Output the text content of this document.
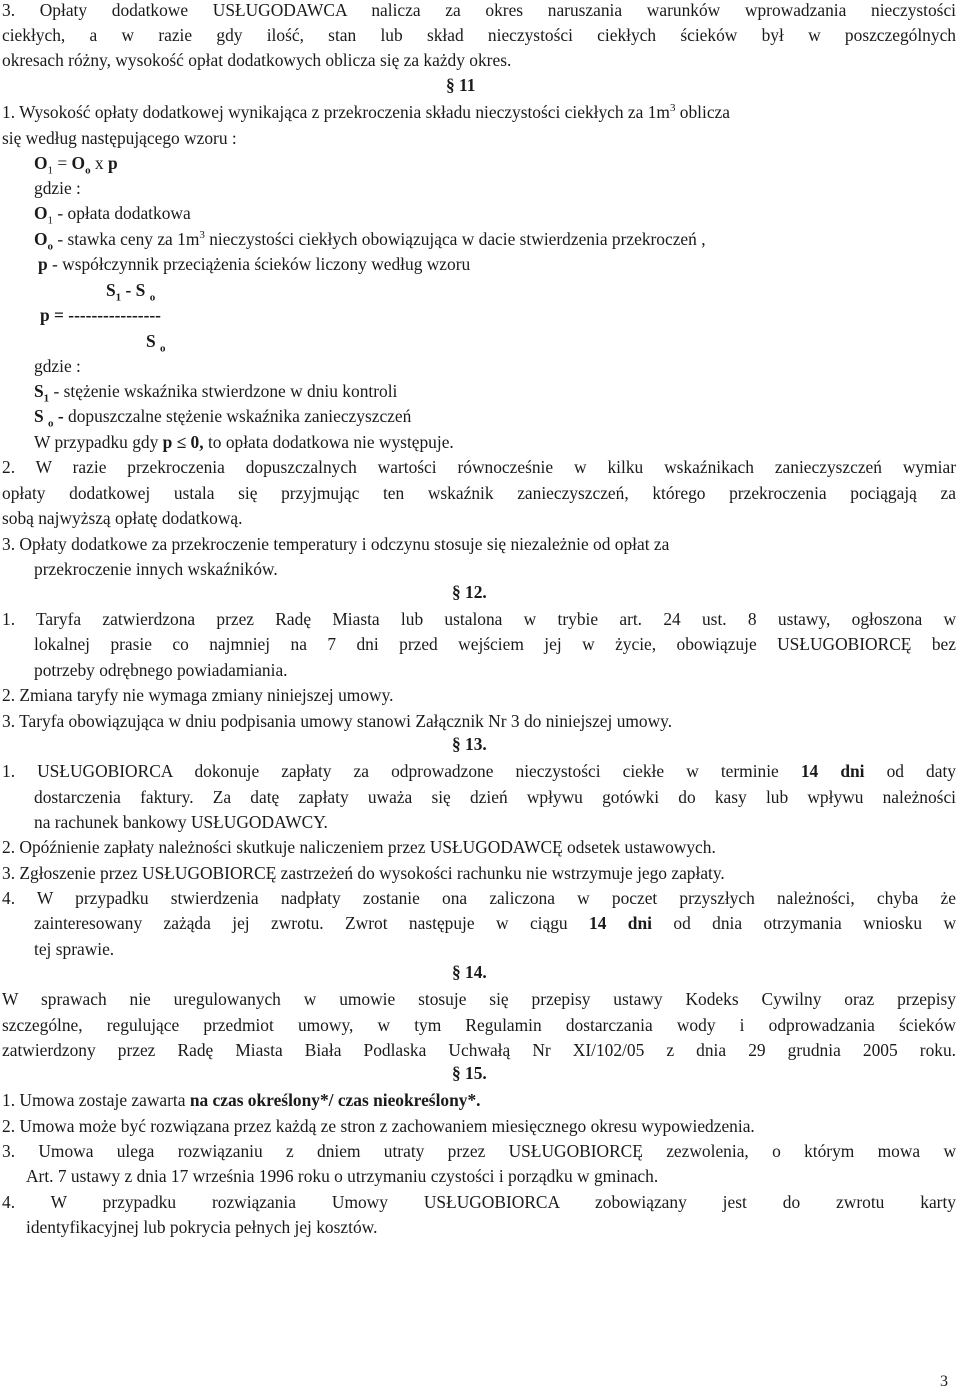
3. Opłaty dodatkowe USŁUGODAWCA nalicza za okres naruszania warunków wprowadzania nieczystości
ciekłych, a w razie gdy ilość, stan lub skład nieczystości ciekłych ścieków był w poszczególnych
okresach różny, wysokość opłat dodatkowych oblicza się za każdy okres.
§ 11
1. Wysokość opłaty dodatkowej wynikająca z przekroczenia składu nieczystości ciekłych za $1m^3$ oblicza
się według następującego wzoru :
$O_1 = O_o$ x p
gdzie :
$O_1$ - opłata dodatkowa
$O_o$ - stawka ceny za $1m^3$ nieczystości ciekłych obowiązująca w dacie stwierdzenia przekroczeń ,
p - współczynnik przeciążenia ścieków liczony według wzoru
$S_1$ - S $_o$
p = ----------------
S $_o$
gdzie :
$S_1$ - stężenie wskaźnika stwierdzone w dniu kontroli
S $_o$ - dopuszczalne stężenie wskaźnika zanieczyszczeń
W przypadku gdy p ≤ 0, to opłata dodatkowa nie występuje.
2. W razie przekroczenia dopuszczalnych wartości równocześnie w kilku wskaźnikach zanieczyszczeń wymiar
opłaty dodatkowej ustala się przyjmując ten wskaźnik zanieczyszczeń, którego przekroczenia pociągają za
sobą najwyższą opłatę dodatkową.
3. Opłaty dodatkowe za przekroczenie temperatury i odczynu stosuje się niezależnie od opłat za
przekroczenie innych wskaźników.
§ 12.
1. Taryfa zatwierdzona przez Radę Miasta lub ustalona w trybie art. 24 ust. 8 ustawy, ogłoszona w
lokalnej prasie co najmniej na 7 dni przed wejściem jej w życie, obowiązuje USŁUGOBIORCĘ bez
potrzeby odrębnego powiadamiania.
2. Zmiana taryfy nie wymaga zmiany niniejszej umowy.
3. Taryfa obowiązująca w dniu podpisania umowy stanowi Załącznik Nr 3 do niniejszej umowy.
§ 13.
1. USŁUGOBIORCA dokonuje zapłaty za odprowadzone nieczystości ciekłe w terminie 14 dni od daty
dostarczenia faktury. Za datę zapłaty uważa się dzień wpływu gotówki do kasy lub wpływu należności
na rachunek bankowy USŁUGODAWCY.
2. Opóźnienie zapłaty należności skutkuje naliczeniem przez USŁUGODAWCĘ odsetek ustawowych.
3. Zgłoszenie przez USŁUGOBIORCĘ zastrzeżeń do wysokości rachunku nie wstrzymuje jego zapłaty.
4. W przypadku stwierdzenia nadpłaty zostanie ona zaliczona w poczet przyszłych należności, chyba że
zainteresowany zażąda jej zwrotu. Zwrot następuje w ciągu 14 dni od dnia otrzymania wniosku w
tej sprawie.
§ 14.
W sprawach nie uregulowanych w umowie stosuje się przepisy ustawy Kodeks Cywilny oraz przepisy
szczególne, regulujące przedmiot umowy, w tym Regulamin dostarczania wody i odprowadzania ścieków
zatwierdzony przez Radę Miasta Biała Podlaska Uchwałą Nr XI/102/05 z dnia 29 grudnia 2005 roku.
§ 15.
1. Umowa zostaje zawarta na czas określony*/ czas nieokreślony*.
2. Umowa może być rozwiązana przez każdą ze stron z zachowaniem miesięcznego okresu wypowiedzenia.
3. Umowa ulega rozwiązaniu z dniem utraty przez USŁUGOBIORCĘ zezwolenia, o którym mowa w
Art. 7 ustawy z dnia 17 września 1996 roku o utrzymaniu czystości i porządku w gminach.
4. W przypadku rozwiązania Umowy USŁUGOBIORCA zobowiązany jest do zwrotu karty
identyfikacyjnej lub pokrycia pełnych jej kosztów.
3
